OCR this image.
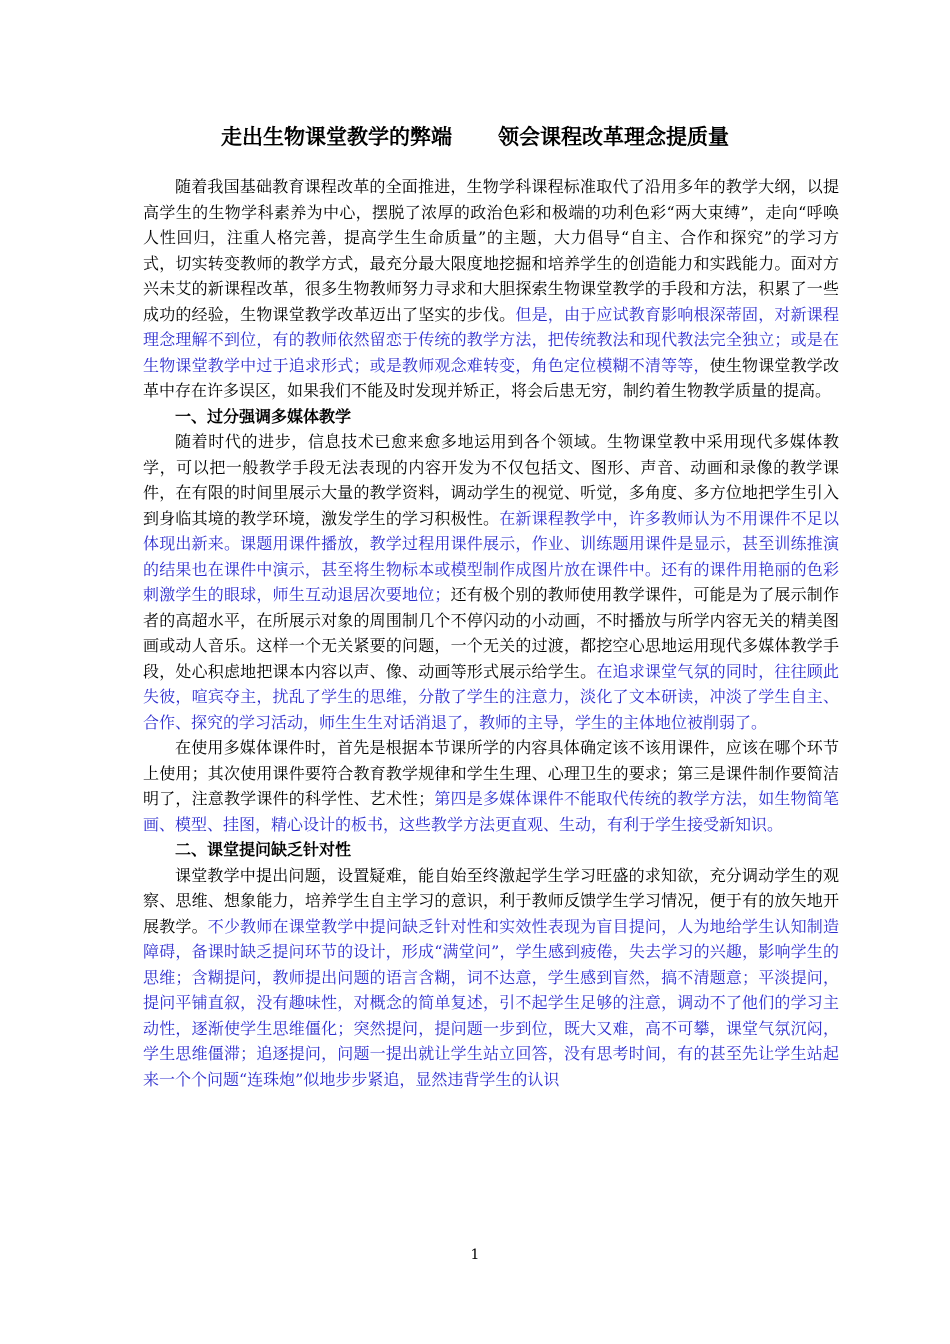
走出生物课堂教学的弊端 领会课程改革理念提质量

随着我国基础教育课程改革的全面推进，生物学科课程标准取代了沿用多年的教学大纲，以提高学生的生物学科素养为中心，摆脱了浓厚的政治色彩和极端的功利色彩“两大束缚”，走向“呼唤人性回归，注重人格完善，提高学生生命质量”的主题，大力倡导“自主、合作和探究”的学习方式，切实转变教师的教学方式，最充分最大限度地挖掘和培养学生的创造能力和实践能力。面对方兴未艾的新课程改革，很多生物教师努力寻求和大胆探索生物课堂教学的手段和方法，积累了一些成功的经验，生物课堂教学改革迈出了坚实的步伐。但是，由于应试教育影响根深蒂固，对新课程理念理解不到位，有的教师依然留恋于传统的教学方法，把传统教法和现代教法完全独立；或是在生物课堂教学中过于追求形式；或是教师观念难转变，角色定位模糊不清等等，使生物课堂教学改革中存在许多误区，如果我们不能及时发现并矫正，将会后患无穷，制约着生物教学质量的提高。

一、过分强调多媒体教学

随着时代的进步，信息技术已愈来愈多地运用到各个领域。生物课堂教中采用现代多媒体教学，可以把一般教学手段无法表现的内容开发为不仅包括文、图形、声音、动画和录像的教学课件，在有限的时间里展示大量的教学资料，调动学生的视觉、听觉，多角度、多方位地把学生引入到身临其境的教学环境，激发学生的学习积极性。在新课程教学中，许多教师认为不用课件不足以体现出新来。课题用课件播放，教学过程用课件展示，作业、训练题用课件是显示，甚至训练推演的结果也在课件中演示，甚至将生物标本或模型制作成图片放在课件中。还有的课件用艳丽的色彩刺激学生的眼球，师生互动退居次要地位；还有极个别的教师使用教学课件，可能是为了展示制作者的高超水平，在所展示对象的周围制几个不停闪动的小动画，不时播放与所学内容无关的精美图画或动人音乐。这样一个无关紧要的问题，一个无关的过渡，都挖空心思地运用现代多媒体教学手段，处心积虑地把课本内容以声、像、动画等形式展示给学生。在追求课堂气氛的同时，往往顾此失彼，喧宾夺主，扰乱了学生的思维，分散了学生的注意力，淡化了文本研读，冲淡了学生自主、合作、探究的学习活动，师生生生对话消退了，教师的主导，学生的主体地位被削弱了。

在使用多媒体课件时，首先是根据本节课所学的内容具体确定该不该用课件，应该在哪个环节上使用；其次使用课件要符合教育教学规律和学生生理、心理卫生的要求；第三是课件制作要简洁明了，注意教学课件的科学性、艺术性；第四是多媒体课件不能取代传统的教学方法，如生物简笔画、模型、挂图，精心设计的板书，这些教学方法更直观、生动，有利于学生接受新知识。

二、课堂提问缺乏针对性

课堂教学中提出问题，设置疑难，能自始至终激起学生学习旺盛的求知欲，充分调动学生的观察、思维、想象能力，培养学生自主学习的意识，利于教师反馈学生学习情况，便于有的放矢地开展教学。不少教师在课堂教学中提问缺乏针对性和实效性表现为盲目提问，人为地给学生认知制造障碍，备课时缺乏提问环节的设计，形成“满堂问”，学生感到疲倦，失去学习的兴趣，影响学生的思维；含糊提问，教师提出问题的语言含糊，词不达意，学生感到盲然，搞不清题意；平淡提问，提问平铺直叙，没有趣味性，对概念的简单复述，引不起学生足够的注意，调动不了他们的学习主动性，逐渐使学生思维僵化；突然提问，提问题一步到位，既大又难，高不可攀，课堂气氛沉闷，学生思维僵滞；追逐提问，问题一提出就让学生站立回答，没有思考时间，有的甚至先让学生站起来一个个问题“连珠炮”似地步步紧追，显然违背学生的认识

1
